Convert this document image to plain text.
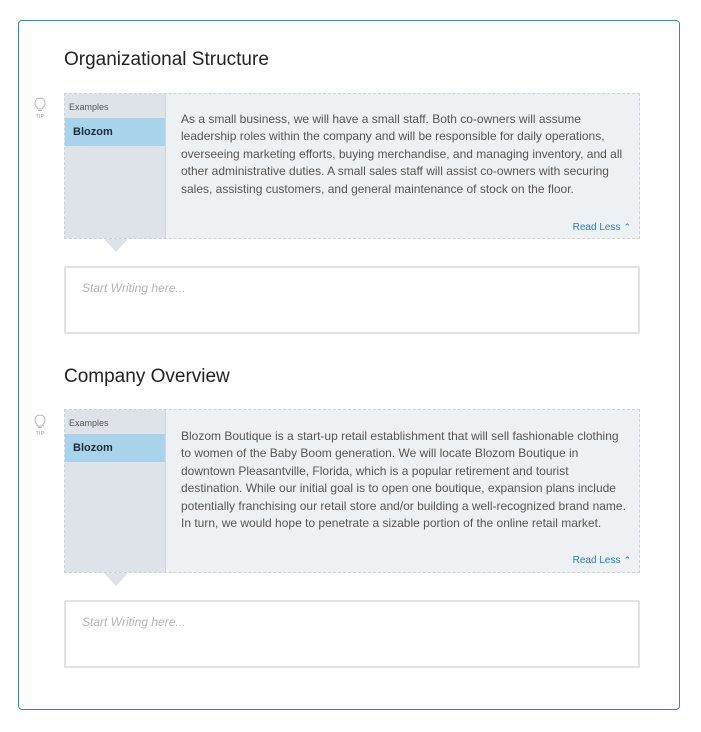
Organizational Structure
TIP
Examples
Blozom
As a small business, we will have a small staff. Both co-owners will assume leadership roles within the company and will be responsible for daily operations, overseeing marketing efforts, buying merchandise, and managing inventory, and all other administrative duties. A small sales staff will assist co-owners with securing sales, assisting customers, and general maintenance of stock on the floor.
Read Less ⌃
Start Writing here...
Company Overview
TIP
Examples
Blozom
Blozom Boutique is a start-up retail establishment that will sell fashionable clothing to women of the Baby Boom generation. We will locate Blozom Boutique in downtown Pleasantville, Florida, which is a popular retirement and tourist destination. While our initial goal is to open one boutique, expansion plans include potentially franchising our retail store and/or building a well-recognized brand name. In turn, we would hope to penetrate a sizable portion of the online retail market.
Read Less ⌃
Start Writing here...
